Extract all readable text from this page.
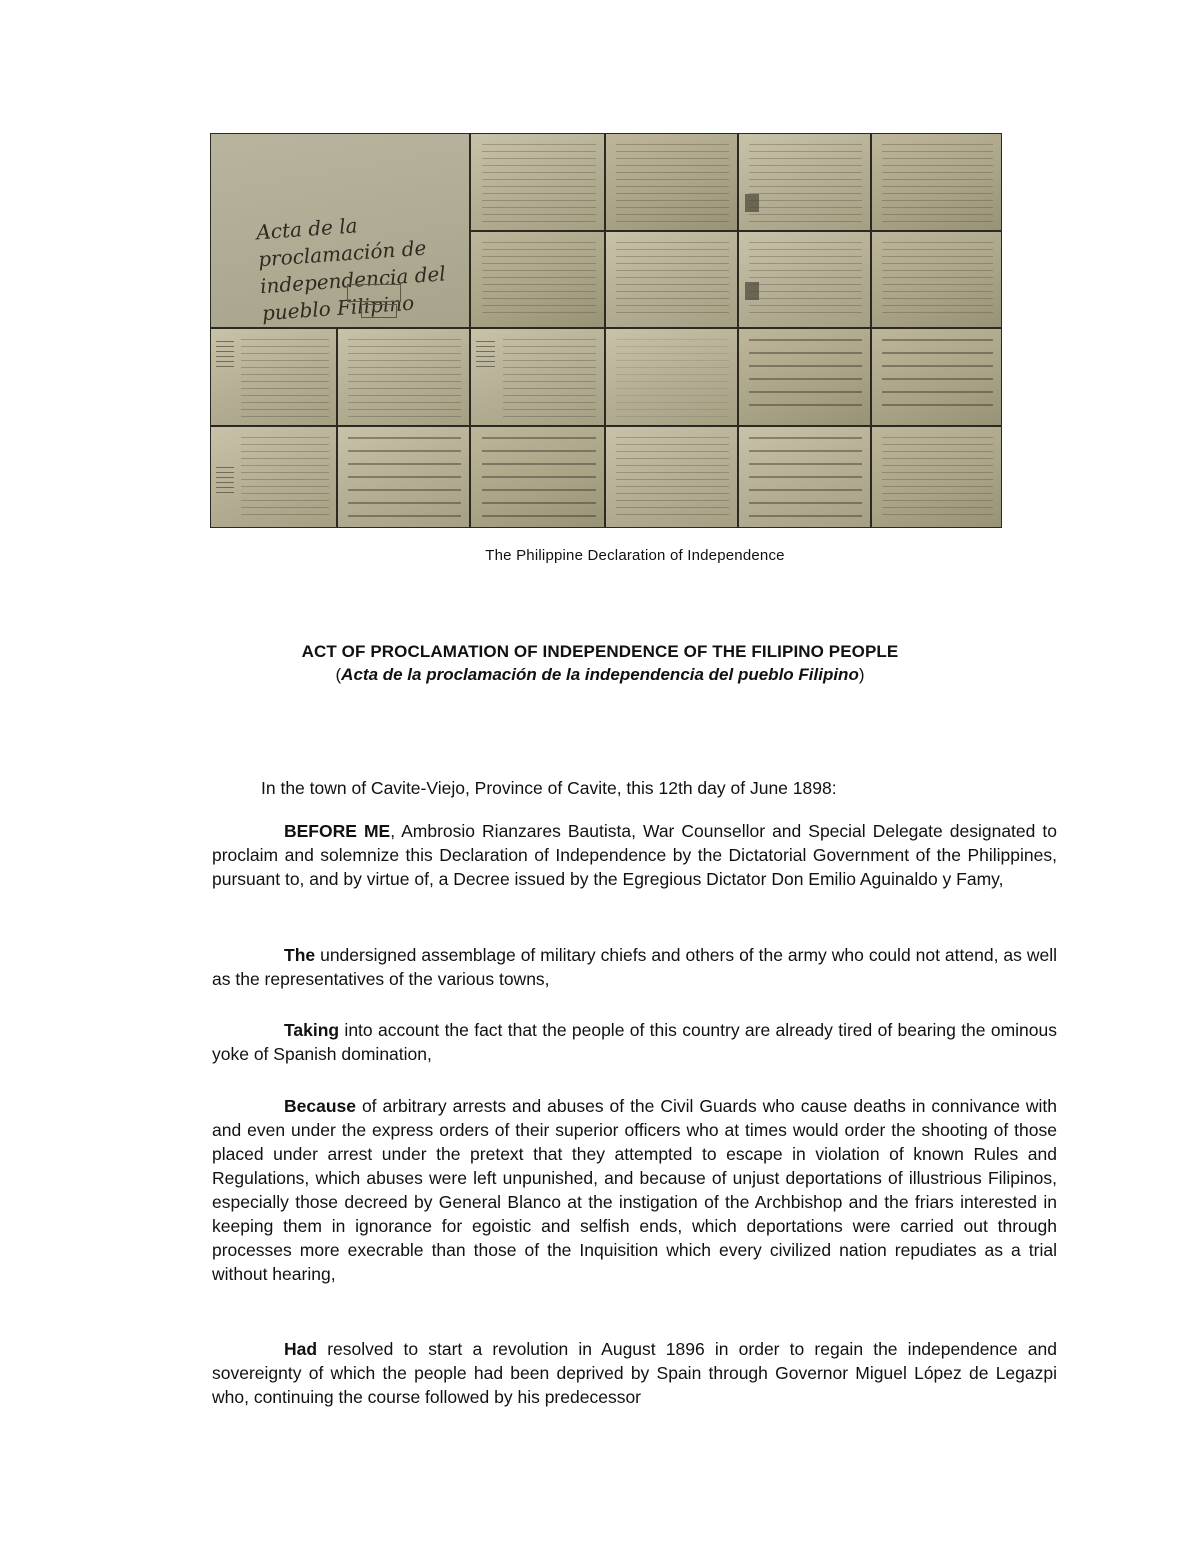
Acta de la proclamación de independencia del pueblo Filipino
The Philippine Declaration of Independence
ACT OF PROCLAMATION OF INDEPENDENCE OF THE FILIPINO PEOPLE
(Acta de la proclamación de la independencia del pueblo Filipino)

In the town of Cavite-Viejo, Province of Cavite, this 12th day of June 1898:

BEFORE ME, Ambrosio Rianzares Bautista, War Counsellor and Special Delegate designated to proclaim and solemnize this Declaration of Independence by the Dictatorial Government of the Philippines, pursuant to, and by virtue of, a Decree issued by the Egregious Dictator Don Emilio Aguinaldo y Famy,

The undersigned assemblage of military chiefs and others of the army who could not attend, as well as the representatives of the various towns,

Taking into account the fact that the people of this country are already tired of bearing the ominous yoke of Spanish domination,

Because of arbitrary arrests and abuses of the Civil Guards who cause deaths in connivance with and even under the express orders of their superior officers who at times would order the shooting of those placed under arrest under the pretext that they attempted to escape in violation of known Rules and Regulations, which abuses were left unpunished, and because of unjust deportations of illustrious Filipinos, especially those decreed by General Blanco at the instigation of the Archbishop and the friars interested in keeping them in ignorance for egoistic and selfish ends, which deportations were carried out through processes more execrable than those of the Inquisition which every civilized nation repudiates as a trial without hearing,

Had resolved to start a revolution in August 1896 in order to regain the independence and sovereignty of which the people had been deprived by Spain through Governor Miguel López de Legazpi who, continuing the course followed by his predecessor
